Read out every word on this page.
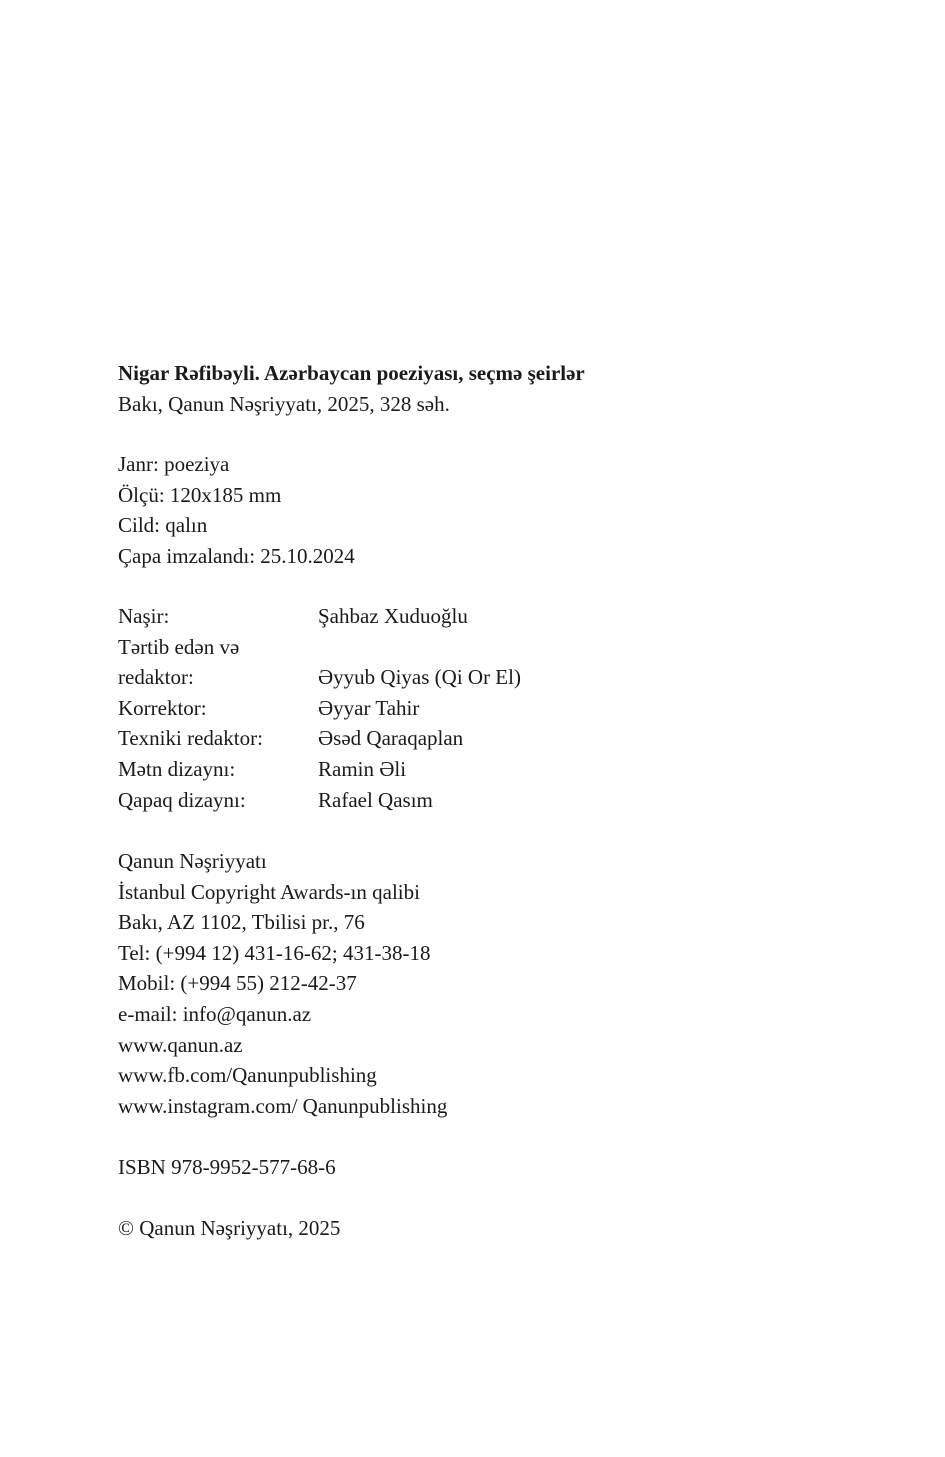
Nigar Rəfibəyli. Azərbaycan poeziyası, seçmə şeirlər
Bakı, Qanun Nəşriyyatı, 2025, 328 səh.
Janr: poeziya
Ölçü: 120x185 mm
Cild: qalın
Çapa imzalandı: 25.10.2024
Naşir:	Şahbaz Xuduoğlu
Tərtib edən və
redaktor:	Əyyub Qiyas (Qi Or El)
Korrektor:	Əyyar Tahir
Texniki redaktor:	Əsəd Qaraqaplan
Mətn dizaynı:	Ramin Əli
Qapaq dizaynı:	Rafael Qasım
Qanun Nəşriyyatı
İstanbul Copyright Awards-ın qalibi
Bakı, AZ 1102, Tbilisi pr., 76
Tel: (+994 12) 431-16-62; 431-38-18
Mobil: (+994 55) 212-42-37
e-mail: info@qanun.az
www.qanun.az
www.fb.com/Qanunpublishing
www.instagram.com/ Qanunpublishing
ISBN 978-9952-577-68-6
© Qanun Nəşriyyatı, 2025
